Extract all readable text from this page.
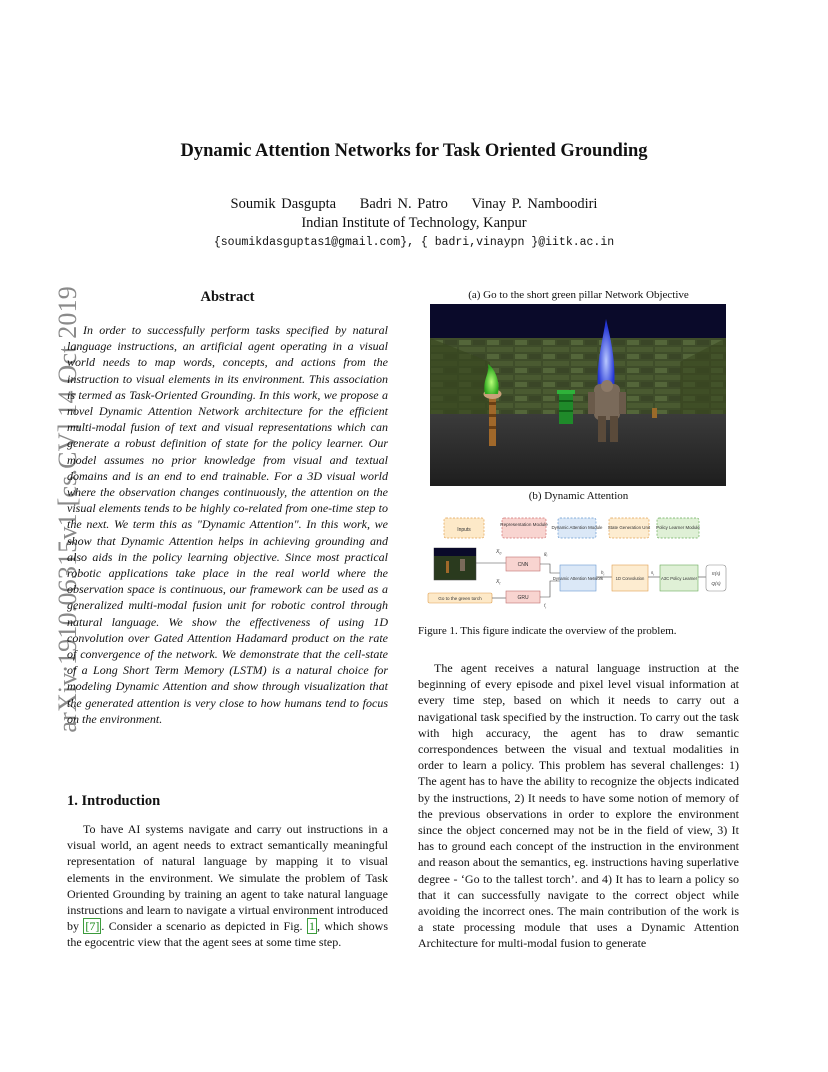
arXiv:1910.06315v1 [cs.CV] 14 Oct 2019
Dynamic Attention Networks for Task Oriented Grounding
Soumik Dasgupta Badri N. Patro Vinay P. Namboodiri
Indian Institute of Technology, Kanpur
{soumikdasguptas1@gmail.com}, { badri,vinaypn }@iitk.ac.in
Abstract

In order to successfully perform tasks specified by natural language instructions, an artificial agent operating in a visual world needs to map words, concepts, and actions from the instruction to visual elements in its environment. This association is termed as Task-Oriented Grounding. In this work, we propose a novel Dynamic Attention Network architecture for the efficient multi-modal fusion of text and visual representations which can generate a robust definition of state for the policy learner. Our model assumes no prior knowledge from visual and textual domains and is an end to end trainable. For a 3D visual world where the observation changes continuously, the attention on the visual elements tends to be highly co-related from one-time step to the next. We term this as "Dynamic Attention". In this work, we show that Dynamic Attention helps in achieving grounding and also aids in the policy learning objective. Since most practical robotic applications take place in the real world where the observation space is continuous, our framework can be used as a generalized multi-modal fusion unit for robotic control through natural language. We show the effectiveness of using 1D convolution over Gated Attention Hadamard product on the rate of convergence of the network. We demonstrate that the cell-state of a Long Short Term Memory (LSTM) is a natural choice for modeling Dynamic Attention and show through visualization that the generated attention is very close to how humans tend to focus on the environment.

1. Introduction

To have AI systems navigate and carry out instructions in a visual world, an agent needs to extract semantically meaningful representation of natural language by mapping it to visual elements in the environment. We simulate the problem of Task Oriented Grounding by training an agent to take natural language instructions and learn to navigate a virtual environment introduced by [7] . Consider a scenario as depicted in Fig. 1 , which shows the egocentric view that the agent sees at some time step.

(a) Go to the short green pillar Network Objective
(b) Dynamic Attention
Inputs
Representation Module
Dynamic Attention Module State Generation Unit Policy Learner Module
Go to the green torch
$X_0$
$X_t$
CNN
GRU
$g_t$
$f_t$
Dynamic Attention Network
$h_t$
1D Convolution
$s_t$
A3C Policy Learner
π(s)
Q(s)
Figure 1. This figure indicate the overview of the problem.

The agent receives a natural language instruction at the beginning of every episode and pixel level visual information at every time step, based on which it needs to carry out a navigational task specified by the instruction. To carry out the task with high accuracy, the agent has to draw semantic correspondences between the visual and textual modalities in order to learn a policy. This problem has several challenges: 1) The agent has to have the ability to recognize the objects indicated by the instructions, 2) It needs to have some notion of memory of the previous observations in order to explore the environment since the object concerned may not be in the field of view, 3) It has to ground each concept of the instruction in the environment and reason about the semantics, eg. instructions having superlative degree - ‘Go to the tallest torch’. and 4) It has to learn a policy so that it can successfully navigate to the correct object while avoiding the incorrect ones. The main contribution of the work is a state processing module that uses a Dynamic Attention Architecture for multi-modal fusion to generate
